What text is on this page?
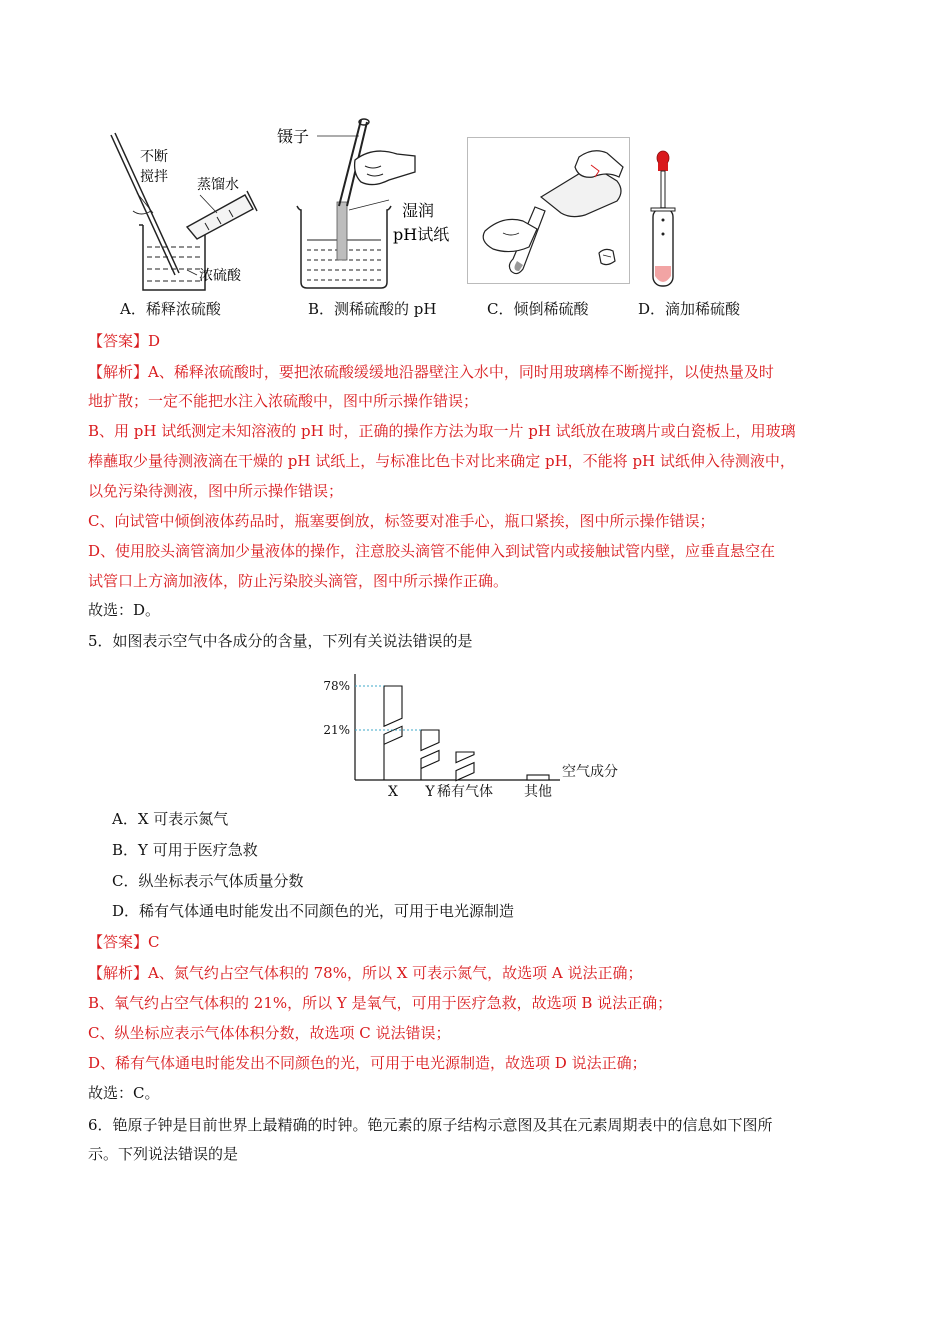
不断
搅拌 蒸馏水
浓硫酸
镊子
湿润
pH试纸
A．稀释浓硫酸	B．测稀硫酸的 pH	C．倾倒稀硫酸	D．滴加稀硫酸
【答案】D
【解析】A、稀释浓硫酸时，要把浓硫酸缓缓地沿器壁注入水中，同时用玻璃棒不断搅拌，以使热量及时
地扩散；一定不能把水注入浓硫酸中，图中所示操作错误；
B、用 pH 试纸测定未知溶液的 pH 时，正确的操作方法为取一片 pH 试纸放在玻璃片或白瓷板上，用玻璃
棒蘸取少量待测液滴在干燥的 pH 试纸上，与标准比色卡对比来确定 pH，不能将 pH 试纸伸入待测液中，
以免污染待测液，图中所示操作错误；
C、向试管中倾倒液体药品时，瓶塞要倒放，标签要对准手心，瓶口紧挨，图中所示操作错误；
D、使用胶头滴管滴加少量液体的操作，注意胶头滴管不能伸入到试管内或接触试管内壁，应垂直悬空在
试管口上方滴加液体，防止污染胶头滴管，图中所示操作正确。
故选：D。
5．如图表示空气中各成分的含量，下列有关说法错误的是
X Y 稀有气体 其他
78%
21%
空气成分
A．X 可表示氮气
B．Y 可用于医疗急救
C．纵坐标表示气体质量分数
D．稀有气体通电时能发出不同颜色的光，可用于电光源制造
【答案】C
【解析】A、氮气约占空气体积的 78%，所以 X 可表示氮气，故选项 A 说法正确；
B、氧气约占空气体积的 21%，所以 Y 是氧气，可用于医疗急救，故选项 B 说法正确；
C、纵坐标应表示气体体积分数，故选项 C 说法错误；
D、稀有气体通电时能发出不同颜色的光，可用于电光源制造，故选项 D 说法正确；
故选：C。
6．铯原子钟是目前世界上最精确的时钟。铯元素的原子结构示意图及其在元素周期表中的信息如下图所
示。下列说法错误的是
